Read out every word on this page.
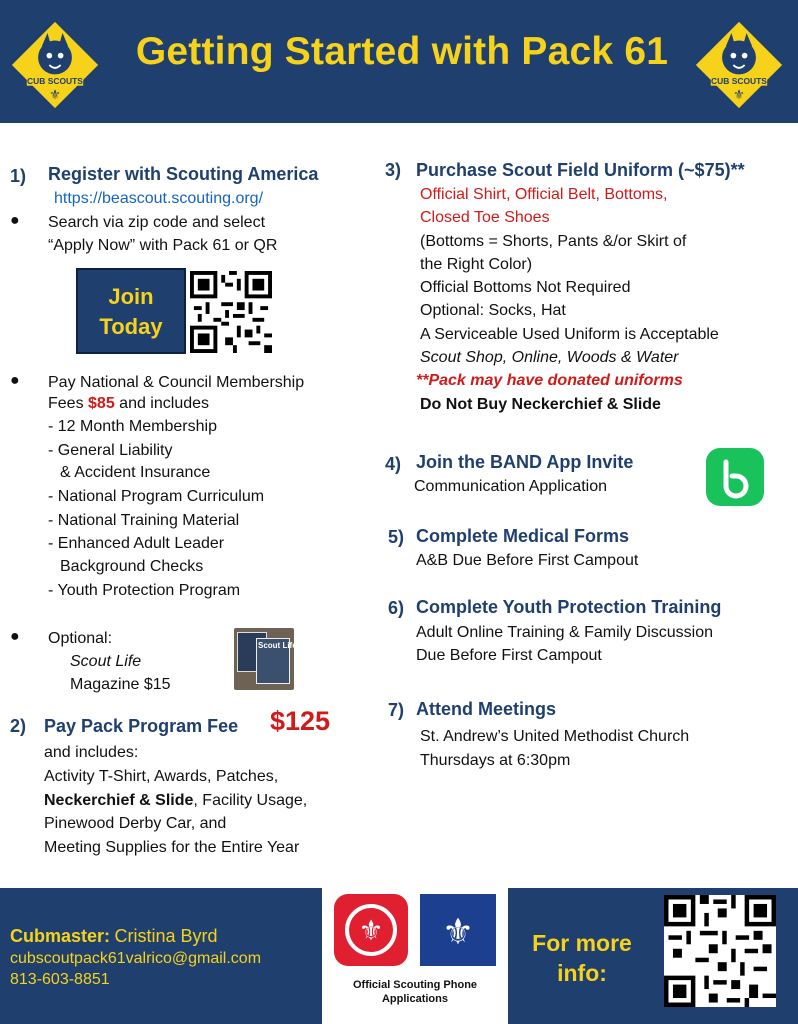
CUB SCOUTS
⚜
Getting Started with Pack 61
CUB SCOUTS
⚜
1) Register with Scouting America
https://beascout.scouting.org/
● Search via zip code and select
“Apply Now” with Pack 61 or QR
Join
Today
● Pay National & Council Membership
Fees $85 and includes
- 12 Month Membership
- General Liability
& Accident Insurance
- National Program Curriculum
- National Training Material
- Enhanced Adult Leader
Background Checks
- Youth Protection Program
● Optional:
Scout Life
Magazine $15
Scout Life
2) Pay Pack Program Fee $125
and includes:
Activity T-Shirt, Awards, Patches,
Neckerchief & Slide, Facility Usage,
Pinewood Derby Car, and
Meeting Supplies for the Entire Year
3) Purchase Scout Field Uniform (~$75)**
Official Shirt, Official Belt, Bottoms,
Closed Toe Shoes
(Bottoms = Shorts, Pants &/or Skirt of
the Right Color)
Official Bottoms Not Required
Optional: Socks, Hat
A Serviceable Used Uniform is Acceptable
Scout Shop, Online, Woods & Water
**Pack may have donated uniforms
Do Not Buy Neckerchief & Slide
4) Join the BAND App Invite
Communication Application
5) Complete Medical Forms
A&B Due Before First Campout
6) Complete Youth Protection Training
Adult Online Training & Family Discussion
Due Before First Campout
7) Attend Meetings
St. Andrew’s United Methodist Church
Thursdays at 6:30pm
Cubmaster: Cristina Byrd
cubscoutpack61valrico@gmail.com
813-603-8851
⚜ ⚜
Official Scouting Phone Applications
For more
info:
